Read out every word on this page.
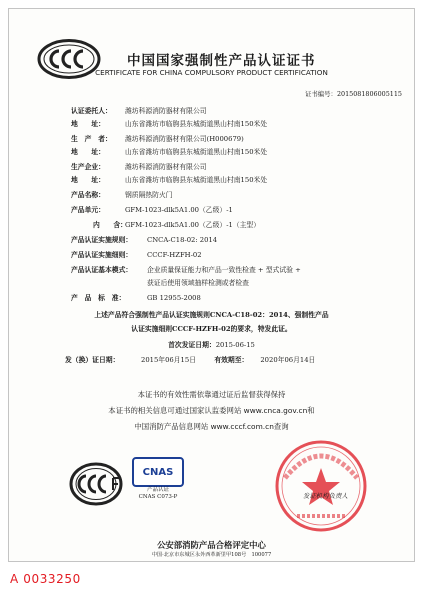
中国国家强制性产品认证证书
CERTIFICATE FOR CHINA COMPULSORY PRODUCT CERTIFICATION
证书编号：2015081806005115
认证委托人： 潍坊科源消防器材有限公司
地　　址：	山东省潍坊市临朐县东城街道黑山村南150米处
生　产　者： 潍坊科源消防器材有限公司(H000679)
地　　址：	山东省潍坊市临朐县东城街道黑山村南150米处
生产企业：	潍坊科源消防器材有限公司
地　　址：	山东省潍坊市临朐县东城街道黑山村南150米处
产品名称：	钢质隔热防火门
产品单元：	GFM-1023-dlk5A1.00（乙级）-1
内　　含：GFM-1023-dlk5A1.00（乙级）-1（主型）
产品认证实施规则： CNCA-C18-02: 2014
产品认证实施细则： CCCF-HZFH-02
产品认证基本模式： 企业质量保证能力和产品一致性检查 + 型式试验 +
获证后使用领域抽样检测或者检查
产　品　标　准：	GB 12955-2008
上述产品符合强制性产品认证实施规则CNCA-C18-02：2014、强制性产品
认证实施细则CCCF-HZFH-02的要求，特发此证。
首次发证日期：2015-06-15
发（换）证日期：	2015年06月15日	有效期至： 2020年06月14日
本证书的有效性需依靠通过证后监督获得保持
本证书的相关信息可通过国家认监委网站 www.cnca.gov.cn和
中国消防产品信息网站 www.cccf.com.cn查询
CNAS
产品认证
CNAS C073-P	发证机构负责人
公安部消防产品合格评定中心
中国·北京市东城区永外西革新里甲108号　100077
A 0033250
